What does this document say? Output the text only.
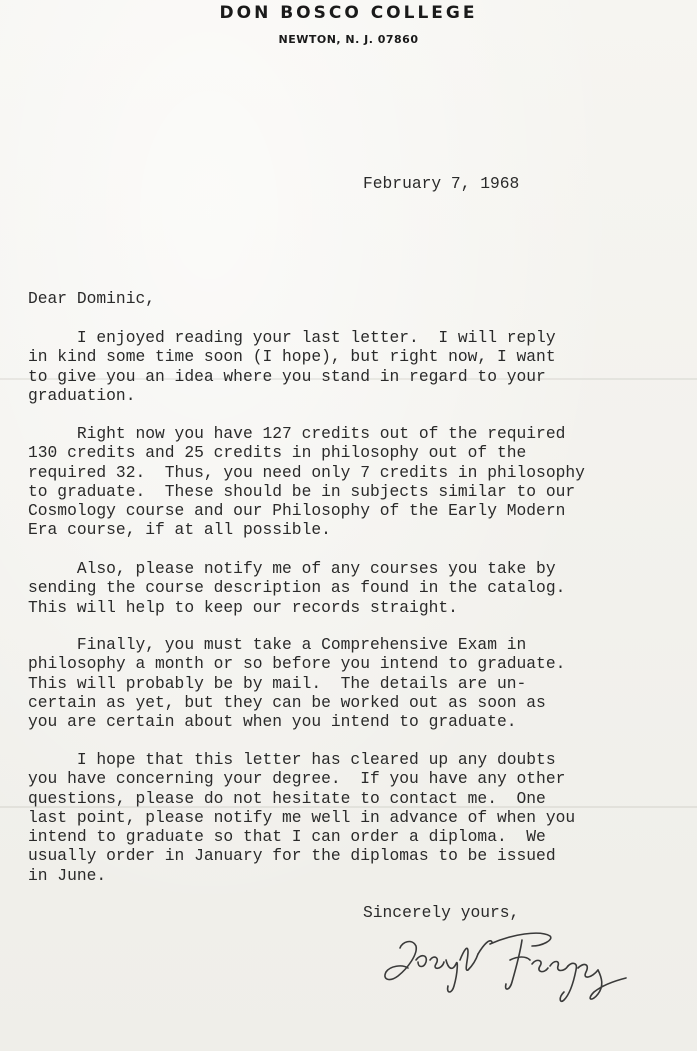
DON BOSCO COLLEGE
NEWTON, N. J. 07860
February 7, 1968
Dear Dominic,

I enjoyed reading your last letter.  I will reply
in kind some time soon (I hope), but right now, I want
to give you an idea where you stand in regard to your
graduation.

Right now you have 127 credits out of the required
130 credits and 25 credits in philosophy out of the
required 32.  Thus, you need only 7 credits in philosophy
to graduate.  These should be in subjects similar to our
Cosmology course and our Philosophy of the Early Modern
Era course, if at all possible.

Also, please notify me of any courses you take by
sending the course description as found in the catalog.
This will help to keep our records straight.

Finally, you must take a Comprehensive Exam in
philosophy a month or so before you intend to graduate.
This will probably be by mail.  The details are un-
certain as yet, but they can be worked out as soon as
you are certain about when you intend to graduate.

I hope that this letter has cleared up any doubts
you have concerning your degree.  If you have any other
questions, please do not hesitate to contact me.  One
last point, please notify me well in advance of when you
intend to graduate so that I can order a diploma.  We
usually order in January for the diplomas to be issued
in June.

Sincerely yours,
